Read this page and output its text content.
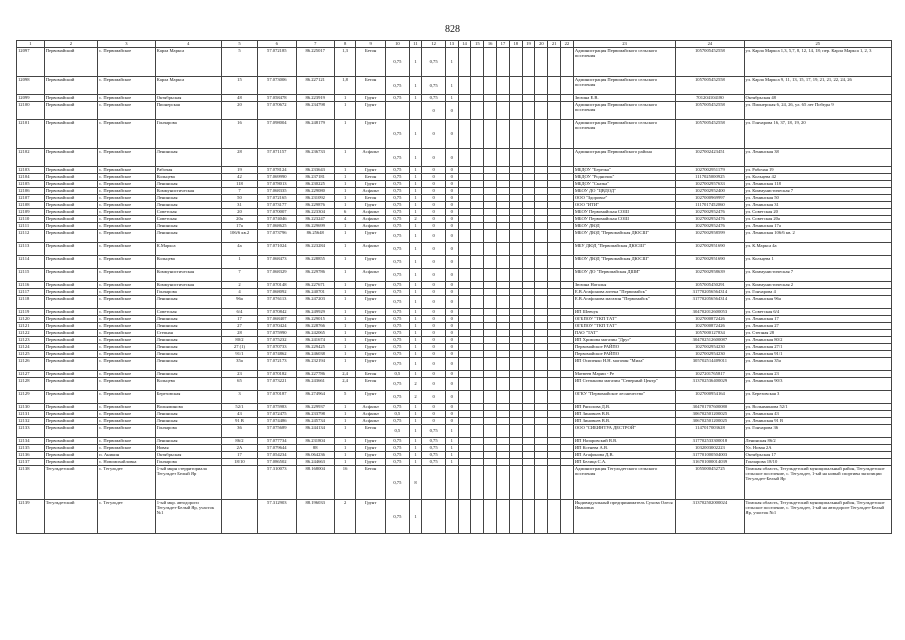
828
1	2	3	4	5	6	7	8	9	10	11	12	13	14	15	16	17	18	19	20	21	22	23	24	25
12097	Первомайский	с. Первомайское	Карла Маркса	5	57.072185	86.225017	1,3	Бетон	0,75	1	0,75	1										Администрация Первомайского сельского поселения	1057005452558	ул. Карла Маркса 1,3, 5,7, 8, 12, 14, 18; пер. Карла Маркса 1, 2, 3
12098	Первомайский	с. Первомайское	Карла Маркса	15	57.073006	86.227121	1,8	Бетон	0,75	1	0,75	1										Администрация Первомайского сельского поселения	1057005452558	ул. Карла Маркса 9, 11, 13, 15, 17, 19, 21, 21, 22, 24, 26
12099	Первомайский	с. Первомайское	Октябрьская	48	57.058478	86.223919	1	Грунт	0,75	1	0,75	1										Зюзина Е.В.	701204104180	Октябрьская 48
12100	Первомайский	с. Первомайское	Пионерская	20	57.070672	86.234798	1	Грунт			0	0										Администрация Первомайского сельского поселения	1057005452558	ул. Пионерская 6, 24, 26, ул. 65 лет Победы 9
12101	Первомайский	с. Первомайское	Гончарова	16	57.098004	86.248179	1	Грунт	0,75	1	0	0										Администрация Первомайского сельского поселения	1057005452558	ул. Гончарова 16, 37, 18, 19, 20
12102	Первомайский	с. Первомайское	Ленинская	28	57.071157	86.236733	1	Асфальт	0,75	1	0	0										Администрация Первомайского района	1027002423451	ул. Ленинская 38
12103	Первомайский	с. Первомайское	Рабочая	19	57.078124	86.233643	1	Грунт	0,75	1	0	0										МБДОУ "Березка"	1027002951179	ул. Рабочая 19
12104	Первомайский	с. Первомайское	Кольцева	42	57.069990	86.237181	1	Бетон	0,75	1	0	0										МБДОУ "Родничок"	1117025000925	ул. Кольцева 42
12105	Первомайский	с. Первомайское	Ленинская	118	57.078013	86.230225	1	Грунт	0,75	1	0	0										МБДОУ "Сказка"	1027002957633	ул. Ленинская 118
12106	Первомайский	с. Первомайское	Коммунистическая	7	57.068335	86.229080	1	Асфальт	0,75	1	0	0										МБОУ ДО "ЦВДОД"	1027002952400	ул. Коммунистическая 7
12107	Первомайский	с. Первомайское	Ленинская	50	57.072165	86.231092	1	Бетон	0,75	1	0	0										ООО "Здоровье"	1027000969997	ул. Ленинская 50
12108	Первомайский	с. Первомайское	Ленинская	31	57.073177	86.229876	1	Грунт	0,75	1	0	0										ООО "ИТИ"	1117017452060	ул. Ленинская 31
12109	Первомайский	с. Первомайское	Советская	20	57.070007	86.223304	6	Асфальт	0,75	1	0	0										МБОУ Первомайская СОШ	1027002952476	ул. Советская 20
12110	Первомайский	с. Первомайское	Советская	20а	57.074046	86.223247	4	Асфальт	0,75	2	0	0										МБОУ Первомайская СОШ	1027002952476	ул. Советская 20а
12111	Первомайский	с. Первомайское	Ленинская	17а	57.068625	86.229699	1	Асфальт	0,75	1	0	0										МБОУ ДЮД	1027002952476	ул. Ленинская 17а
12112	Первомайский	с. Первомайское	Ленинская	106/6 кв.2	57.073796	86.25648	1	Грунт	0,75	1	0	0										МБОУ ДЮД "Первомайская ДЮСШ"	1027002958599	ул. Ленинская 106/6 кв. 2
12113	Первомайский	с. Первомайское	К.Маркса	4а	57.071024	86.223284	1	Асфальт	0,75	1	0	0										МБУ ДЮД "Первомайская ДЮСШ"	1027002951690	ул. К.Маркса 4а
12114	Первомайский	с. Первомайское	Кольцева	1	57.068473	86.228855	1	Грунт	0,75	1	0	0										МБОУ ДЮД "Первомайская ДЮСШ"	1027002951690	ул. Кольцева 1
12115	Первомайский	с. Первомайское	Коммунистическая	7	57.068329	86.229786	1	Асфальт	0,75	1	0	0										МБОУ ДО "Первомайская ДШИ"	1027002958639	ул. Коммунистическая 7
12116	Первомайский	с. Первомайское	Коммунистическая	2	57.070148	86.227671	1	Грунт	0,75	1	0	0										Зюзина Наталья	1057005450291	ул. Коммунистическая 2
12117	Первомайский	с. Первомайское	Гончарова	4	57.068092	86.240701	1	Грунт	0,75	1	0	0										Е.В.Агафонова аптека "Первомайск"	317702056564314	ул. Гончарова 4
12118	Первомайский	с. Первомайское	Ленинская	96а	57.076113	86.247203	1	Грунт	0,75	1	0	0										Е.В.Агафонова магазин "Первомайск"	317702056564314	ул. Ленинская 96а
12119	Первомайский	с. Первомайское	Советская	6/4	57.070842	86.249929	1	Грунт	0,75	1	0	0										ИП Шевчук	304702012600053	ул. Советская 6/4
12120	Первомайский	с. Первомайское	Ленинская	17	57.068407	86.229015	1	Грунт	0,75	1	0	0										ОГБПОУ "ТКП ТАТ"	1027000872426	ул. Ленинская 17
12121	Первомайский	с. Первомайское	Ленинская	27	57.070424	86.228766	1	Грунт	0,75	1	0	0										ОГБПОУ "ТКП ТАТ"	1027000872426	ул. Ленинская 27
12122	Первомайский	с. Первомайское	Степная	28	57.075990	86.242065	1	Грунт	0,75	1	0	0										ПАО "ТАТ"	1057000127834	ул. Степная 28
12123	Первомайский	с. Первомайское	Ленинская	80/2	57.075232	86.241674	1	Грунт	0,75	1	0	0										ИП Хримова магазин "Друг"	304702512600087	ул. Ленинская 80/2
12124	Первомайский	с. Первомайское	Ленинская	27 (1)	57.070733	86.229425	1	Грунт	0,75	1	0	0										Первомайское РАЙПО	1027002954230	ул. Ленинская 27/1
12125	Первомайский	с. Первомайское	Ленинская	91/1	57.074862	86.246038	1	Грунт	0,75	1	0	0										Первомайское РАЙПО	1027002954230	ул. Ленинская 91/1
12126	Первомайский	с. Первомайское	Ленинская	35а	57.072173	86.232194	1	Грунт	0,75	1	0	0										ИП Осипенко Н.Н. магазин "Мила"	305702514409011	ул. Ленинская 35а
12127	Первомайский	с. Первомайское	Ленинская	23	57.070182	86.227786	2,4	Бетон	0,5	1	0	0										Матвеев Марии - Ре	1027201765817	ул. Ленинская 23
12128	Первомайский	с. Первомайское	Кольцева	65	57.073221	86.243661	2,4	Бетон	0,75	2	0	0										ИП Степанова магазин "Северный Центр"	313702536400029	ул. Ленинская 90/3
12129	Первомайский	с. Первомайское	Березовская	3	57.070187	86.274964	5	Грунт	0,75	2	0	0										ОГКУ "Первомайское лесничество"	1027000954164	ул. Березовская 3
12130	Первомайский	с. Первомайское	Вольяминова	52/1	57.075983	86.229937	1	Асфальт	0,75	1	0	0										ИП Ряполова Д.В.	304701707600080	ул. Вольяминова 52/1
12131	Первомайский	с. Первомайское	Ленинская	43	57.072475	86.233798	1	Асфальт	0,5	1	0	0										ИП Зиновьев В.В.	306702501200025	ул. Ленинская 43
12132	Первомайский	с. Первомайское	Ленинская	91 В	57.074486	86.245734	1	Асфальт	0,75	1	0	0										ИП Зиновьев В.В.	306702501200025	ул. Ленинская 91 В
12133	Первомайский	с. Первомайское	Гончарова	36	57.075689	86.244134	1	Бетон	0,5	1	0,75	1										ООО "СИБИНТУА ДЕСТРОЙ"	1147017003628	ул. Гончарова 36
12134	Первомайский	с. Первомайское	Ленинская	86/2	57.077734	86.231804	1	Грунт	0,75	1	0,75	1										ИП Назаровский В.В.	317702533300018	Ленинская 86/2
12135	Первомайский	с. Первомайское	Новая	2А	57.079644	88	1	Грунт	0,75	1	0,75	1										ИП Ксенева А.В.	1032003002223	Ул. Новая 2А
12136	Первомайский	п. Аникин	Октябрьская	17	57.054234	86.064236	1	Грунт	0,75	1	0,75	1										ИП Агафонова Д.В.	317701000504003	Октябрьская 17
12137	Первомайский	с. Новомихайловка	Гончарова	18/10	57.086502	86.244663	1	Грунт	0,75	1	0,75	1										ИП Белица С.А.	316701000014039	Гончарова 18/10
12138	Тегульдетский	с. Тегульдет	1-ый мкрн стерриториала Тегульдет Белый Яр		57.310073	88.168004	16	Бетон	0,75	8												Администрация Тегульдетского сельского поселения	1055000452725	Томская область, Тегульдетский муниципальный район, Тегульдетское сельское поселение, с. Тегульдет, 1-ый на новый спортивн экпозиции Тегульдет-Белый Яр
12139	Тегульдетский	с. Тегульдет	1-ый мкр. автодороги Тегульдет-Белый Яр, участок №1		57.312903	88.196033	2	Грунт	0,75	1												Индивидуальный предприниматель Сухова Олеся Ивановна	313702502000024	Томская область, Тегульдетский муниципальный район, Тегульдетское сельское поселение, с. Тегульдет, 1-ый на автодороге Тегульдет-Белый Яр, участок №1
